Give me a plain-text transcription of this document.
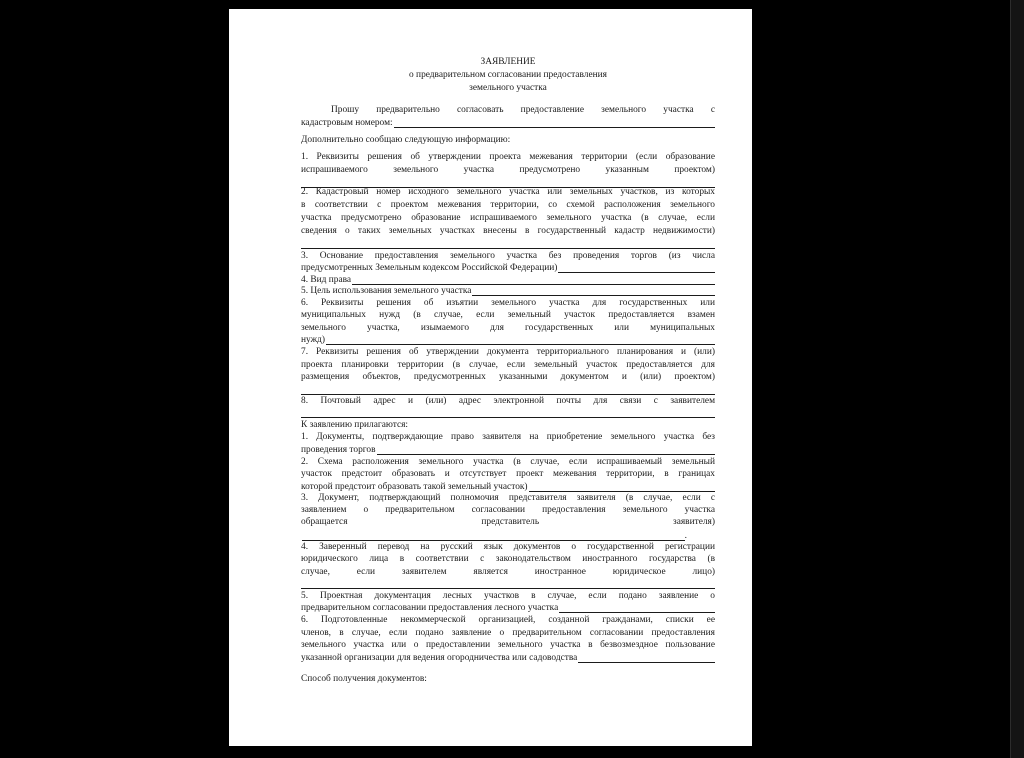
ЗАЯВЛЕНИЕ
о предварительном согласовании предоставления
земельного участка
Прошу предварительно согласовать предоставление земельного участка с
кадастровым номером:
Дополнительно сообщаю следующую информацию:
1. Реквизиты решения об утверждении проекта межевания территории (если образование
испрашиваемого земельного участка предусмотрено указанным проектом)
2. Кадастровый номер исходного земельного участка или земельных участков, из которых
в соответствии с проектом межевания территории, со схемой расположения земельного
участка предусмотрено образование испрашиваемого земельного участка (в случае, если
сведения о таких земельных участках внесены в государственный кадастр недвижимости)
3. Основание предоставления земельного участка без проведения торгов (из числа
предусмотренных Земельным кодексом Российской Федерации)
4. Вид права
5. Цель использования земельного участка
6. Реквизиты решения об изъятии земельного участка для государственных или
муниципальных нужд (в случае, если земельный участок предоставляется взамен
земельного участка, изымаемого для государственных или муниципальных
нужд)
7. Реквизиты решения об утверждении документа территориального планирования и (или)
проекта планировки территории (в случае, если земельный участок предоставляется для
размещения объектов, предусмотренных указанными документом и (или) проектом)
8. Почтовый адрес и (или) адрес электронной почты для связи с заявителем
К заявлению прилагаются:
1. Документы, подтверждающие право заявителя на приобретение земельного участка без
проведения торгов
2. Схема расположения земельного участка (в случае, если испрашиваемый земельный
участок предстоит образовать и отсутствует проект межевания территории, в границах
которой предстоит образовать такой земельный участок)
3. Документ, подтверждающий полномочия представителя заявителя (в случае, если с
заявлением о предварительном согласовании предоставления земельного участка
обращается представитель заявителя)
.
4. Заверенный перевод на русский язык документов о государственной регистрации
юридического лица в соответствии с законодательством иностранного государства (в
случае, если заявителем является иностранное юридическое лицо)
5. Проектная документация лесных участков в случае, если подано заявление о
предварительном согласовании предоставления лесного участка
6. Подготовленные некоммерческой организацией, созданной гражданами, списки ее
членов, в случае, если подано заявление о предварительном согласовании предоставления
земельного участка или о предоставлении земельного участка в безвозмездное пользование
указанной организации для ведения огородничества или садоводства
Способ получения документов:
